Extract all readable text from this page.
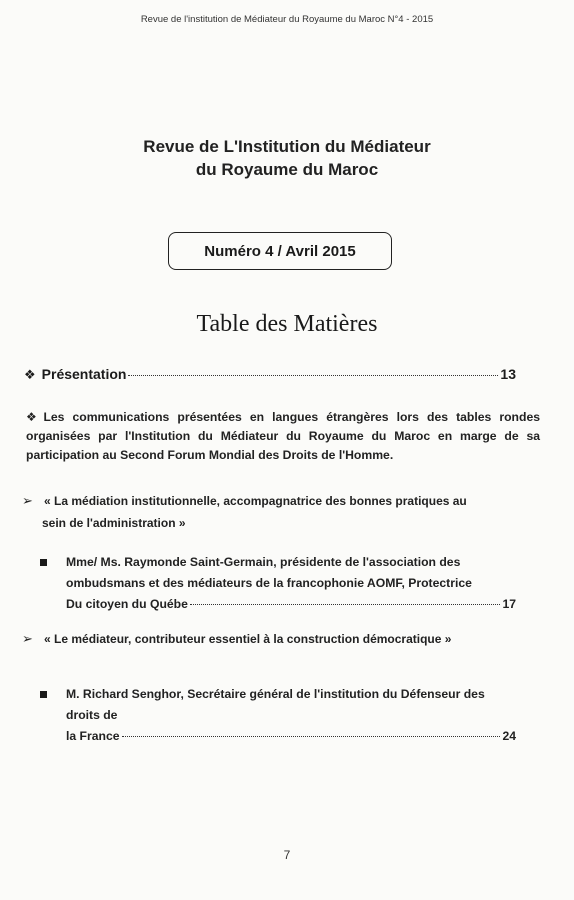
Revue de l'institution de Médiateur du Royaume du Maroc N°4 - 2015
Revue de L'Institution du Médiateur
du Royaume du Maroc
Numéro 4 / Avril 2015
Table des Matières
❖ Présentation	13
❖ Les communications présentées en langues étrangères lors des tables rondes organisées par l'Institution du Médiateur du Royaume du Maroc en marge de sa participation au Second Forum Mondial des Droits de l'Homme.
➢ « La médiation institutionnelle, accompagnatrice des bonnes pratiques au
sein de l'administration »
Mme/ Ms. Raymonde Saint-Germain, présidente de l'association des
ombudsmans et des médiateurs de la francophonie AOMF, Protectrice
Du citoyen du Québe	17
➢ « Le médiateur, contributeur essentiel à la construction démocratique »
M. Richard Senghor, Secrétaire général de l'institution du Défenseur des droits de
la France	24
7
